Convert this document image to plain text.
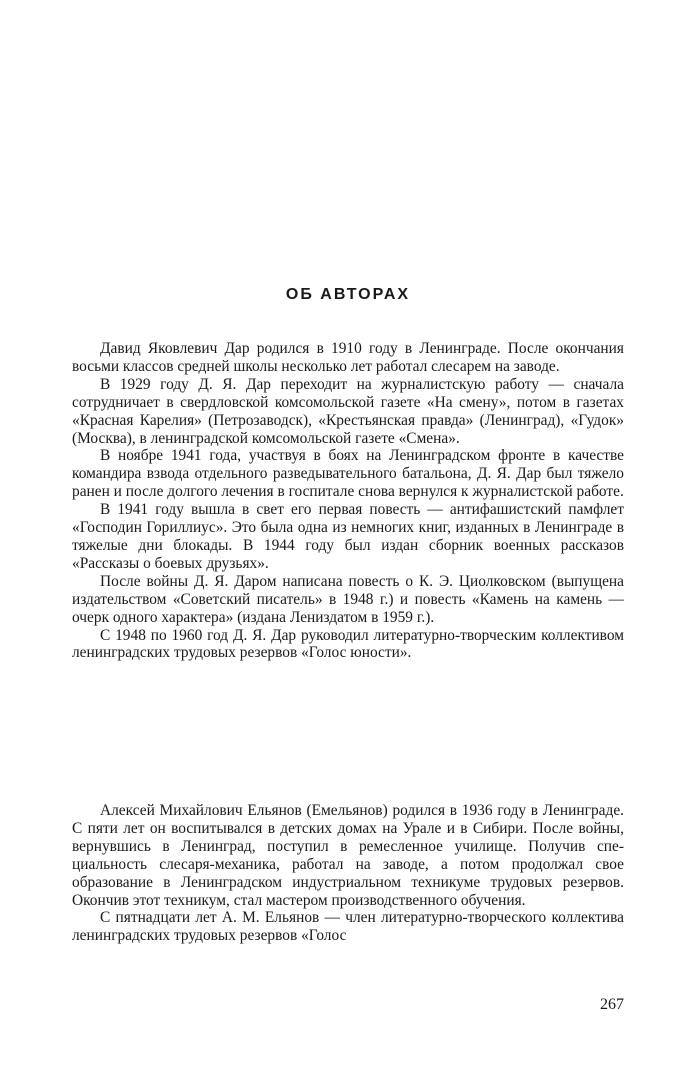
ОБ АВТОРАХ

Давид Яковлевич Дар родился в 1910 году в Ленинграде. После окончания восьми классов средней школы несколько лет работал слесарем на заводе.

В 1929 году Д. Я. Дар переходит на журналистскую работу — сначала сотрудничает в свердловской комсомольской газете «На смену», потом в газетах «Красная Карелия» (Петрозаводск), «Крестьянская правда» (Ленинград), «Гудок» (Москва), в ленинградской комсомольской газете «Смена».

В ноябре 1941 года, участвуя в боях на Ленинградском фронте в качестве командира взвода отдельного разведывательного батальона, Д. Я. Дар был тяжело ранен и после долгого лечения в госпитале снова вернулся к журналистской работе.

В 1941 году вышла в свет его первая повесть — антифашистский памфлет «Господин Гориллиус». Это была одна из немногих книг, изданных в Ленинграде в тяжелые дни блокады. В 1944 году был издан сборник военных рассказов «Рассказы о боевых друзьях».

После войны Д. Я. Даром написана повесть о К. Э. Циолковском (выпущена издательством «Советский писатель» в 1948 г.) и повесть «Камень на камень — очерк одного характера» (издана Лениздатом в 1959 г.).

С 1948 по 1960 год Д. Я. Дар руководил литературно-творческим коллективом ленинградских трудовых резервов «Голос юности».

Алексей Михайлович Ельянов (Емельянов) родился в 1936 году в Ленинграде. С пяти лет он воспитывался в детских домах на Урале и в Сибири. После войны, вернувшись в Ленинград, поступил в ремесленное училище. Получив специальность слесаря-механика, работал на заводе, а потом продолжал свое образование в Ленинградском индустриальном техникуме трудовых резервов. Окончив этот техникум, стал мастером производственного обучения.

С пятнадцати лет А. М. Ельянов — член литературно-творческого коллектива ленинградских трудовых резервов «Голос

267
